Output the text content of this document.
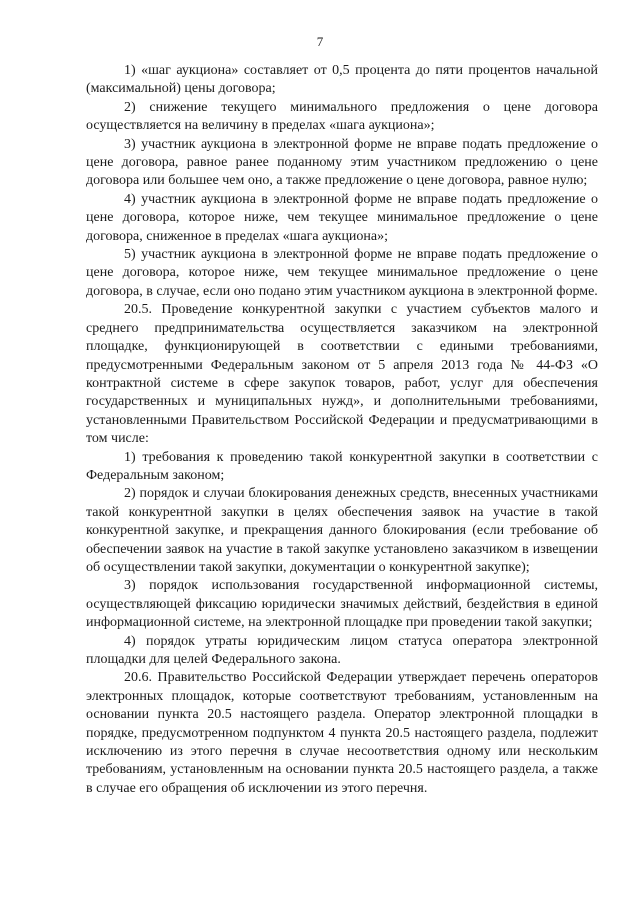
7

1) «шаг аукциона» составляет от 0,5 процента до пяти процентов начальной (максимальной) цены договора;

2) снижение текущего минимального предложения о цене договора осуществляется на величину в пределах «шага аукциона»;

3) участник аукциона в электронной форме не вправе подать предложение о цене договора, равное ранее поданному этим участником предложению о цене договора или большее чем оно, а также предложение о цене договора, равное нулю;

4) участник аукциона в электронной форме не вправе подать предложение о цене договора, которое ниже, чем текущее минимальное предложение о цене договора, сниженное в пределах «шага аукциона»;

5) участник аукциона в электронной форме не вправе подать предложение о цене договора, которое ниже, чем текущее минимальное предложение о цене договора, в случае, если оно подано этим участником аукциона в электронной форме.

20.5. Проведение конкурентной закупки с участием субъектов малого и среднего предпринимательства осуществляется заказчиком на электронной площадке, функционирующей в соответствии с едиными требованиями, предусмотренными Федеральным законом от 5 апреля 2013 года № 44-ФЗ «О контрактной системе в сфере закупок товаров, работ, услуг для обеспечения государственных и муниципальных нужд», и дополнительными требованиями, установленными Правительством Российской Федерации и предусматривающими в том числе:

1) требования к проведению такой конкурентной закупки в соответствии с Федеральным законом;

2) порядок и случаи блокирования денежных средств, внесенных участниками такой конкурентной закупки в целях обеспечения заявок на участие в такой конкурентной закупке, и прекращения данного блокирования (если требование об обеспечении заявок на участие в такой закупке установлено заказчиком в извещении об осуществлении такой закупки, документации о конкурентной закупке);

3) порядок использования государственной информационной системы, осуществляющей фиксацию юридически значимых действий, бездействия в единой информационной системе, на электронной площадке при проведении такой закупки;

4) порядок утраты юридическим лицом статуса оператора электронной площадки для целей Федерального закона.

20.6. Правительство Российской Федерации утверждает перечень операторов электронных площадок, которые соответствуют требованиям, установленным на основании пункта 20.5 настоящего раздела. Оператор электронной площадки в порядке, предусмотренном подпунктом 4 пункта 20.5 настоящего раздела, подлежит исключению из этого перечня в случае несоответствия одному или нескольким требованиям, установленным на основании пункта 20.5 настоящего раздела, а также в случае его обращения об исключении из этого перечня.
